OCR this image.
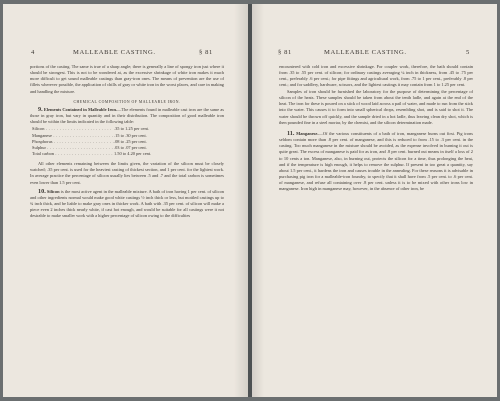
4	MALLEABLE CASTING.	§ 81

portions of the casting. The same is true of a sharp angle; there is generally a line of spongy iron just where it should be strongest. This is not to be wondered at, as the excessive shrinkage of white iron makes it much more difficult to get sound malleable castings than gray-iron ones. The means of prevention are the use of fillets wherever possible, the application of chills of gray or white iron in the worst places, and care in making and handling the mixture.

CHEMICAL COMPOSITION OF MALLEABLE IRON.

9. Elements Contained in Malleable Iron.—The elements found in malleable cast iron are the same as those in gray iron, but vary in quantity and in their distribution. The composition of good malleable iron should be within the limits indicated in the following table:

Silicon . . .	.35 to 1.25 per cent.
Manganese . . .	.15 to .30 per cent.
Phosphorus . . .	.08 to .25 per cent.
Sulphur . . .	.03 to .07 per cent.
Total carbon . . .	1.50 to 4.20 per cent.

All other elements remaining between the limits given, the variation of the silicon must be closely watched; .35 per cent. is used for the heaviest casting of thickest section, and 1 per cent. for the lightest work. In average practice the percentage of silicon usually lies between .5 and .7 and the total carbon is sometimes even lower than 1.5 per cent.

10. Silicon is the most active agent in the malleable mixture. A bath of iron having 1 per cent. of silicon and other ingredients normal would make good white castings ½ inch thick or less, but mottled castings up to ¾ inch thick, and be liable to make gray ones in thicker work. A bath with .35 per cent. of silicon will make a piece even 2 inches thick nearly white, if cast hot enough, and would be suitable for all castings were it not desirable to make smaller work with a higher percentage of silicon owing to the difficulties

§ 81	MALLEABLE CASTING.	5

encountered with cold iron and excessive shrinkage. For coupler work, therefore, the bath should contain from .35 to .55 per cent. of silicon; for ordinary castings averaging ¼ inch in thickness, from .45 to .75 per cent., preferably .6 per cent.; for pipe fittings and agricultural work, from .75 to 1 per cent., preferably .8 per cent.; and for saddlery, hardware, scissors, and the lightest castings it may contain from 1 to 1.25 per cent.

Samples of iron should be furnished the laboratory for the purpose of determining the percentage of silicon of the heats. These samples should be taken from about the tenth ladle, and again at the end of the heat. The iron for these is poured on a stick of wood laid across a pail of water, and made to run from the stick into the water. This causes it to form into small spherical drops, resembling shot, and is said to shot it. The water should be thrown off quickly, and the sample dried in a hot ladle, thus leaving clean dry shot, which is then pounded fine in a steel mortar, by the chemist, and the silicon determination made.

11. Manganese.—Of the various constituents of a bath of iron, manganese burns out first. Pig irons seldom contain more than .8 per cent. of manganese, and this is reduced to from .15 to .3 per cent. in the casting. Too much manganese in the mixture should be avoided, as the expense involved in burning it out is quite great. The excess of manganese is paid for as iron, and .8 per cent. burned out means in itself a loss of 2 to 10 cents a ton. Manganese, also, in burning out, protects the silicon for a time, thus prolonging the heat, and if the temperature is high enough, it helps to remove the sulphur. If present in too great a quantity, say about 1.5 per cent., it hardens the iron and causes trouble in the annealing. For these reasons it is advisable in purchasing pig iron for a malleable-iron foundry, to specify that it shall have from .5 per cent. to .6 per cent. of manganese, and refuse all containing over .8 per cent. unless it is to be mixed with other irons low in manganese. Iron high in manganese may, however, in the absence of other iron, be
